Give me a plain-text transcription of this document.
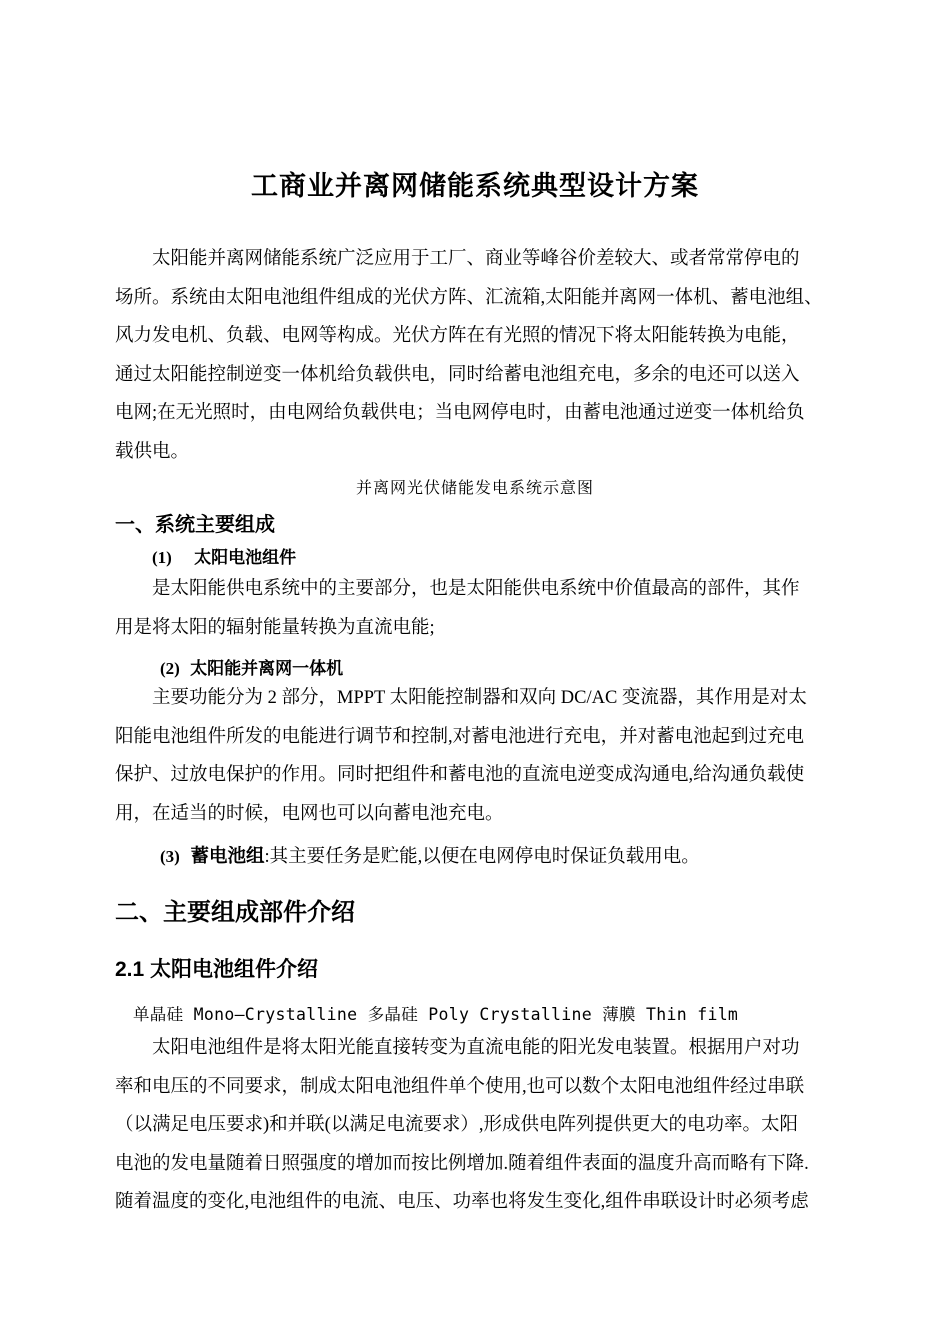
工商业并离网储能系统典型设计方案

太阳能并离网储能系统广泛应用于工厂、商业等峰谷价差较大、或者常常停电的

场所。系统由太阳电池组件组成的光伏方阵、汇流箱,太阳能并离网一体机、蓄电池组、

风力发电机、负载、电网等构成。光伏方阵在有光照的情况下将太阳能转换为电能，

通过太阳能控制逆变一体机给负载供电，同时给蓄电池组充电，多余的电还可以送入

电网;在无光照时，由电网给负载供电；当电网停电时，由蓄电池通过逆变一体机给负

载供电。

并离网光伏储能发电系统示意图
一、系统主要组成
(1) 太阳电池组件

是太阳能供电系统中的主要部分，也是太阳能供电系统中价值最高的部件，其作

用是将太阳的辐射能量转换为直流电能;

(2) 太阳能并离网一体机

主要功能分为 2 部分，MPPT 太阳能控制器和双向 DC/AC 变流器，其作用是对太

阳能电池组件所发的电能进行调节和控制,对蓄电池进行充电，并对蓄电池起到过充电

保护、过放电保护的作用。同时把组件和蓄电池的直流电逆变成沟通电,给沟通负载使

用，在适当的时候，电网也可以向蓄电池充电。

(3) 蓄电池组:其主要任务是贮能,以便在电网停电时保证负载用电。
二、主要组成部件介绍
2.1 太阳电池组件介绍
单晶硅 Mono—Crystalline 多晶硅 Poly Crystalline 薄膜 Thin film

太阳电池组件是将太阳光能直接转变为直流电能的阳光发电装置。根据用户对功

率和电压的不同要求，制成太阳电池组件单个使用,也可以数个太阳电池组件经过串联

（以满足电压要求)和并联(以满足电流要求）,形成供电阵列提供更大的电功率。太阳

电池的发电量随着日照强度的增加而按比例增加.随着组件表面的温度升高而略有下降.

随着温度的变化,电池组件的电流、电压、功率也将发生变化,组件串联设计时必须考虑
